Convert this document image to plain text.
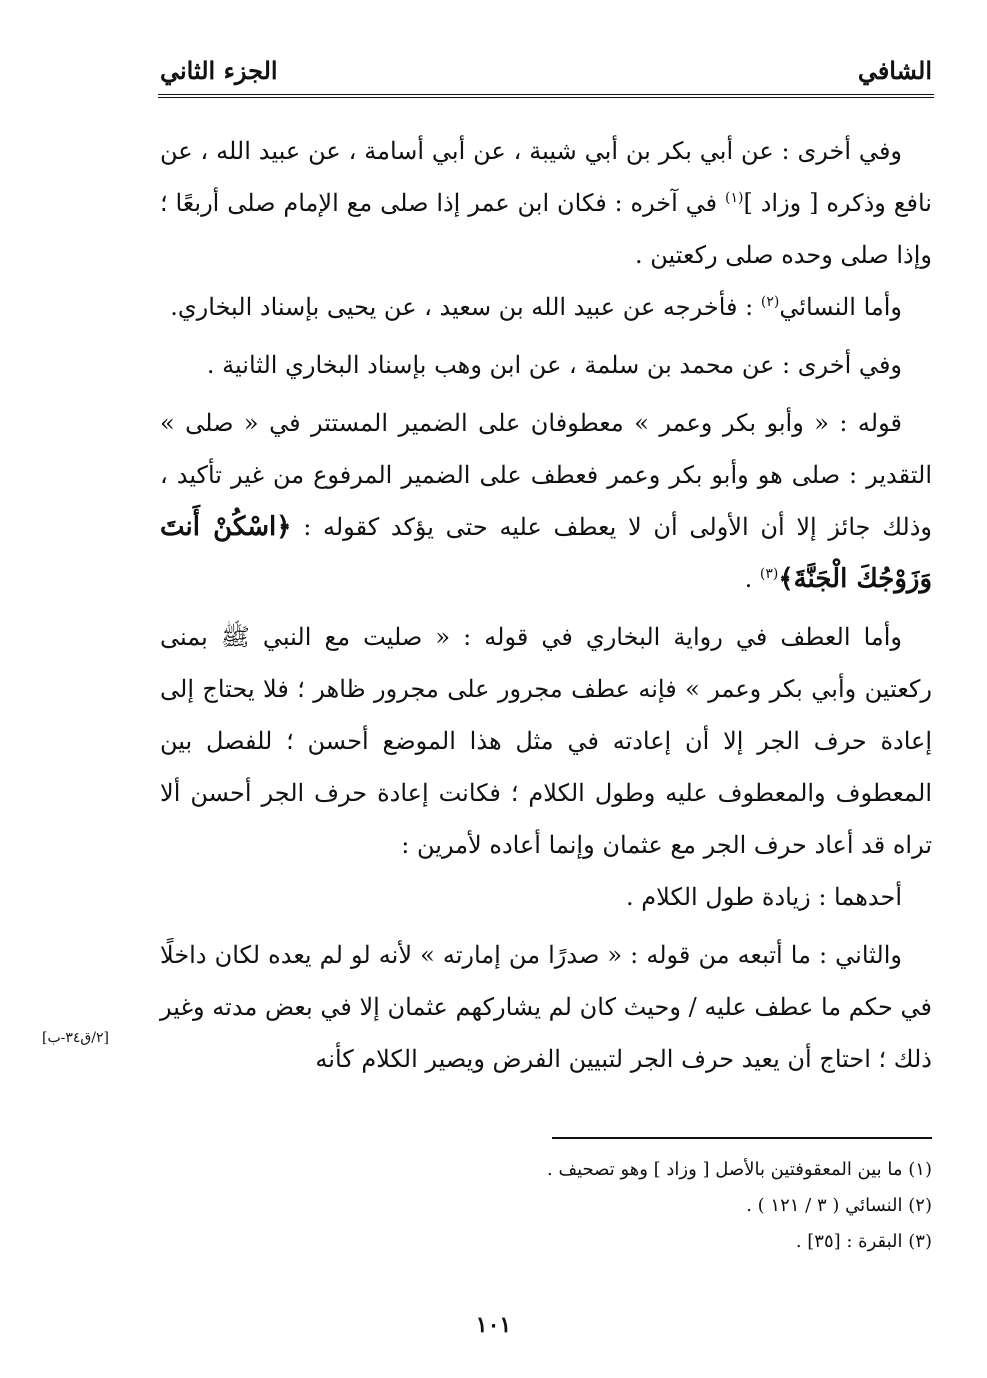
الشافي
الجزء الثاني

وفي أخرى : عن أبي بكر بن أبي شيبة ، عن أبي أسامة ، عن عبيد الله ، عن نافع وذكره [ وزاد ]$^{(١)}$ في آخره : فكان ابن عمر إذا صلى مع الإمام صلى أربعًا ؛ وإذا صلى وحده صلى ركعتين .

وأما النسائي$^{(٢)}$ : فأخرجه عن عبيد الله بن سعيد ، عن يحيى بإسناد البخاري.

وفي أخرى : عن محمد بن سلمة ، عن ابن وهب بإسناد البخاري الثانية .

قوله : « وأبو بكر وعمر » معطوفان على الضمير المستتر في « صلى » التقدير : صلى هو وأبو بكر وعمر فعطف على الضمير المرفوع من غير تأكيد ، وذلك جائز إلا أن الأولى أن لا يعطف عليه حتى يؤكد كقوله : ﴿اسْكُنْ أَنتَ وَزَوْجُكَ الْجَنَّةَ﴾$^{(٣)}$ .

وأما العطف في رواية البخاري في قوله : « صليت مع النبي ﷺ بمنى ركعتين وأبي بكر وعمر » فإنه عطف مجرور على مجرور ظاهر ؛ فلا يحتاج إلى إعادة حرف الجر إلا أن إعادته في مثل هذا الموضع أحسن ؛ للفصل بين المعطوف والمعطوف عليه وطول الكلام ؛ فكانت إعادة حرف الجر أحسن ألا تراه قد أعاد حرف الجر مع عثمان وإنما أعاده لأمرين :

أحدهما : زيادة طول الكلام .

والثاني : ما أتبعه من قوله : « صدرًا من إمارته » لأنه لو لم يعده لكان داخلًا في حكم ما عطف عليه / وحيث كان لم يشاركهم عثمان إلا في بعض مدته وغير ذلك ؛ احتاج أن يعيد حرف الجر لتبيين الفرض ويصير الكلام كأنه

[٢/ق٣٤-ب]
(١) ما بين المعقوفتين بالأصل [ وزاد ] وهو تصحيف .
(٢) النسائي ( ٣ / ١٢١ ) .
(٣) البقرة : [٣٥] .
١٠١
